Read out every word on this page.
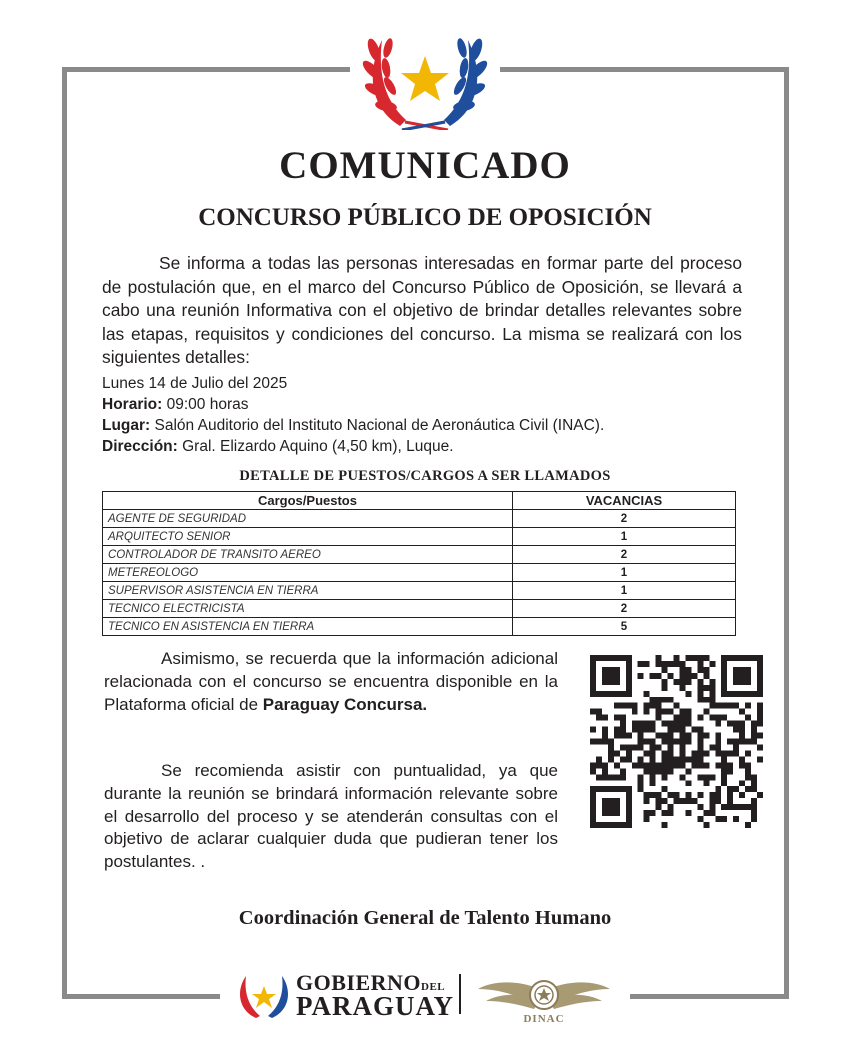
COMUNICADO
CONCURSO PÚBLICO DE OPOSICIÓN

Se informa a todas las personas interesadas en formar parte del proceso de postulación que, en el marco del Concurso Público de Oposición, se llevará a cabo una reunión Informativa con el objetivo de brindar detalles relevantes sobre las etapas, requisitos y condiciones del concurso. La misma se realizará con los siguientes detalles:

Lunes 14 de Julio del 2025
Horario: 09:00 horas
Lugar: Salón Auditorio del Instituto Nacional de Aeronáutica Civil (INAC).
Dirección: Gral. Elizardo Aquino (4,50 km), Luque.
DETALLE DE PUESTOS/CARGOS A SER LLAMADOS
Cargos/Puestos	VACANCIAS
AGENTE DE SEGURIDAD	2
ARQUITECTO SENIOR	1
CONTROLADOR DE TRANSITO AEREO	2
METEREOLOGO	1
SUPERVISOR ASISTENCIA EN TIERRA	1
TECNICO ELECTRICISTA	2
TECNICO EN ASISTENCIA EN TIERRA	5

Asimismo, se recuerda que la información adicional relacionada con el concurso se encuentra disponible en la Plataforma oficial de Paraguay Concursa.

Se recomienda asistir con puntualidad, ya que durante la reunión se brindará información relevante sobre el desarrollo del proceso y se atenderán consultas con el objetivo de aclarar cualquier duda que pudieran tener los postulantes. .

Coordinación General de Talento Humano
GOBIERNODEL
PARAGUAY	DINAC
